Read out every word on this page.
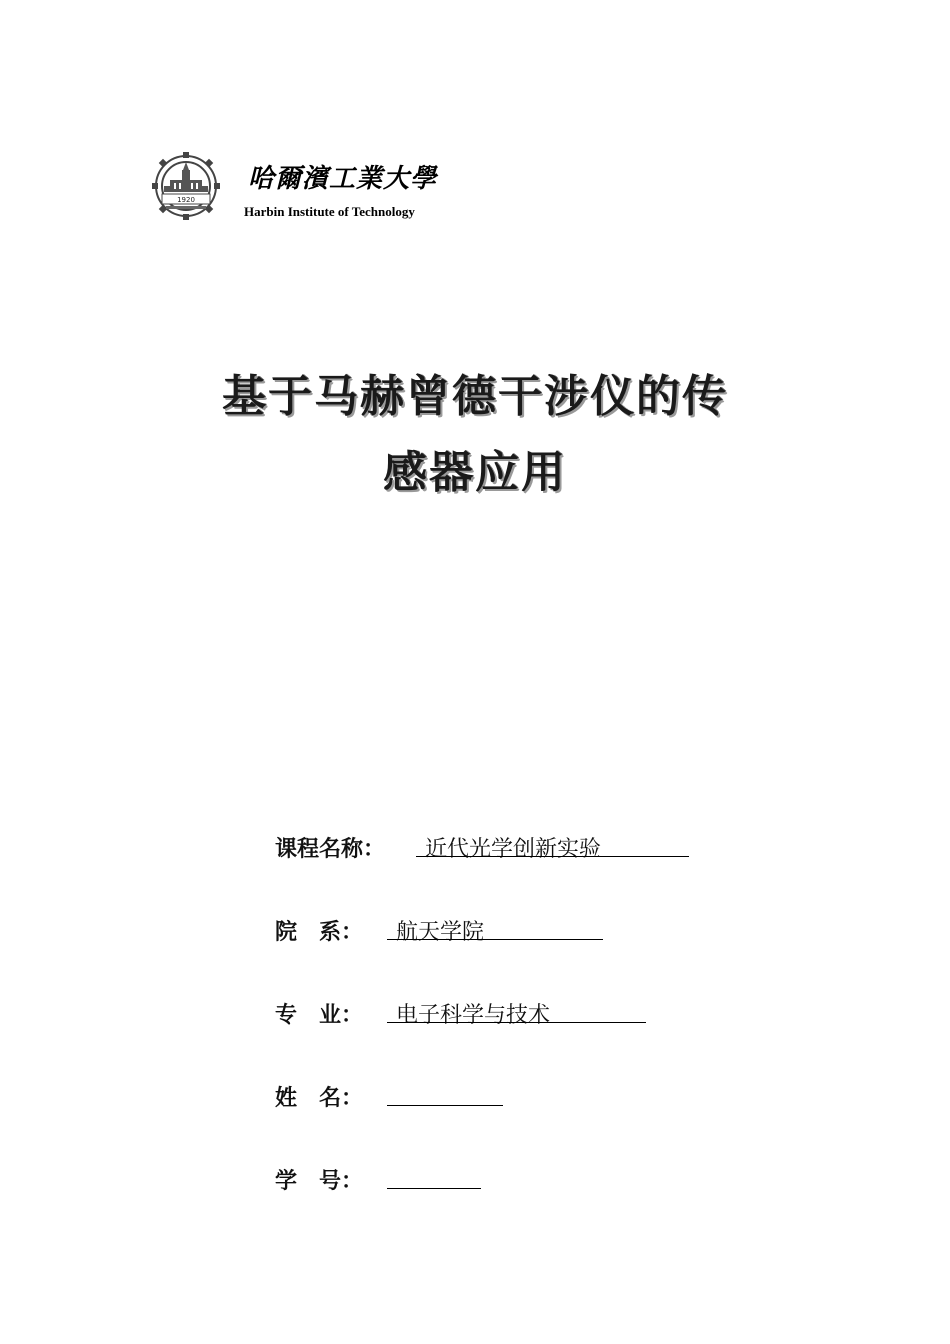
1920
哈爾濱工業大學
Harbin Institute of Technology
基于马赫曾德干涉仪的传
感器应用
课程名称： 近代光学创新实验
院　系： 航天学院
专　业： 电子科学与技术
姓　名：
学　号：
